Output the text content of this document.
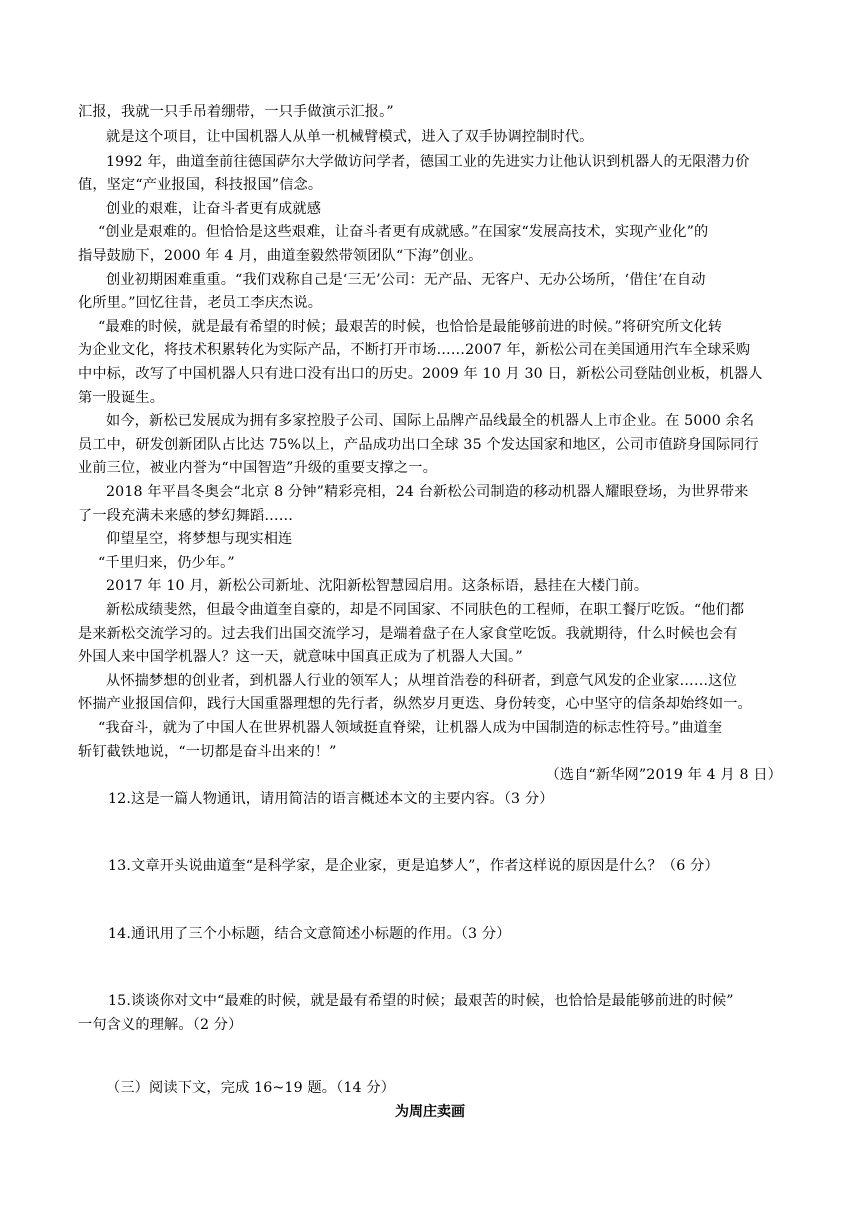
汇报，我就一只手吊着绷带，一只手做演示汇报。”
就是这个项目，让中国机器人从单一机械臂模式，进入了双手协调控制时代。
1992 年，曲道奎前往德国萨尔大学做访问学者，德国工业的先进实力让他认识到机器人的无限潜力价
值，坚定“产业报国，科技报国”信念。
创业的艰难，让奋斗者更有成就感
“创业是艰难的。但恰恰是这些艰难，让奋斗者更有成就感。”在国家“发展高技术，实现产业化”的
指导鼓励下，2000 年 4 月，曲道奎毅然带领团队“下海”创业。
创业初期困难重重。“我们戏称自己是‘三无’公司：无产品、无客户、无办公场所，‘借住’在自动
化所里。”回忆往昔，老员工李庆杰说。
“最难的时候，就是最有希望的时候；最艰苦的时候，也恰恰是最能够前进的时候。”将研究所文化转
为企业文化，将技术积累转化为实际产品，不断打开市场……2007 年，新松公司在美国通用汽车全球采购
中中标，改写了中国机器人只有进口没有出口的历史。2009 年 10 月 30 日，新松公司登陆创业板，机器人
第一股诞生。
如今，新松已发展成为拥有多家控股子公司、国际上品牌产品线最全的机器人上市企业。在 5000 余名
员工中，研发创新团队占比达 75%以上，产品成功出口全球 35 个发达国家和地区，公司市值跻身国际同行
业前三位，被业内誉为“中国智造”升级的重要支撑之一。
2018 年平昌冬奥会“北京 8 分钟”精彩亮相，24 台新松公司制造的移动机器人耀眼登场，为世界带来
了一段充满未来感的梦幻舞蹈……
仰望星空，将梦想与现实相连
“千里归来，仍少年。”
2017 年 10 月，新松公司新址、沈阳新松智慧园启用。这条标语，悬挂在大楼门前。
新松成绩斐然，但最令曲道奎自豪的，却是不同国家、不同肤色的工程师，在职工餐厅吃饭。“他们都
是来新松交流学习的。过去我们出国交流学习，是端着盘子在人家食堂吃饭。我就期待，什么时候也会有
外国人来中国学机器人？这一天，就意味中国真正成为了机器人大国。”
从怀揣梦想的创业者，到机器人行业的领军人；从埋首浩卷的科研者，到意气风发的企业家……这位
怀揣产业报国信仰，践行大国重器理想的先行者，纵然岁月更迭、身份转变，心中坚守的信条却始终如一。
“我奋斗，就为了中国人在世界机器人领域挺直脊梁，让机器人成为中国制造的标志性符号。”曲道奎
斩钉截铁地说，“一切都是奋斗出来的！”
（选自“新华网”2019 年 4 月 8 日）
12.这是一篇人物通讯，请用简洁的语言概述本文的主要内容。（3 分）
13.文章开头说曲道奎“是科学家，是企业家，更是追梦人”，作者这样说的原因是什么？（6 分）
14.通讯用了三个小标题，结合文意简述小标题的作用。（3 分）
15.谈谈你对文中“最难的时候，就是最有希望的时候；最艰苦的时候，也恰恰是最能够前进的时候”
一句含义的理解。（2 分）
（三）阅读下文，完成 16~19 题。（14 分）
为周庄卖画
